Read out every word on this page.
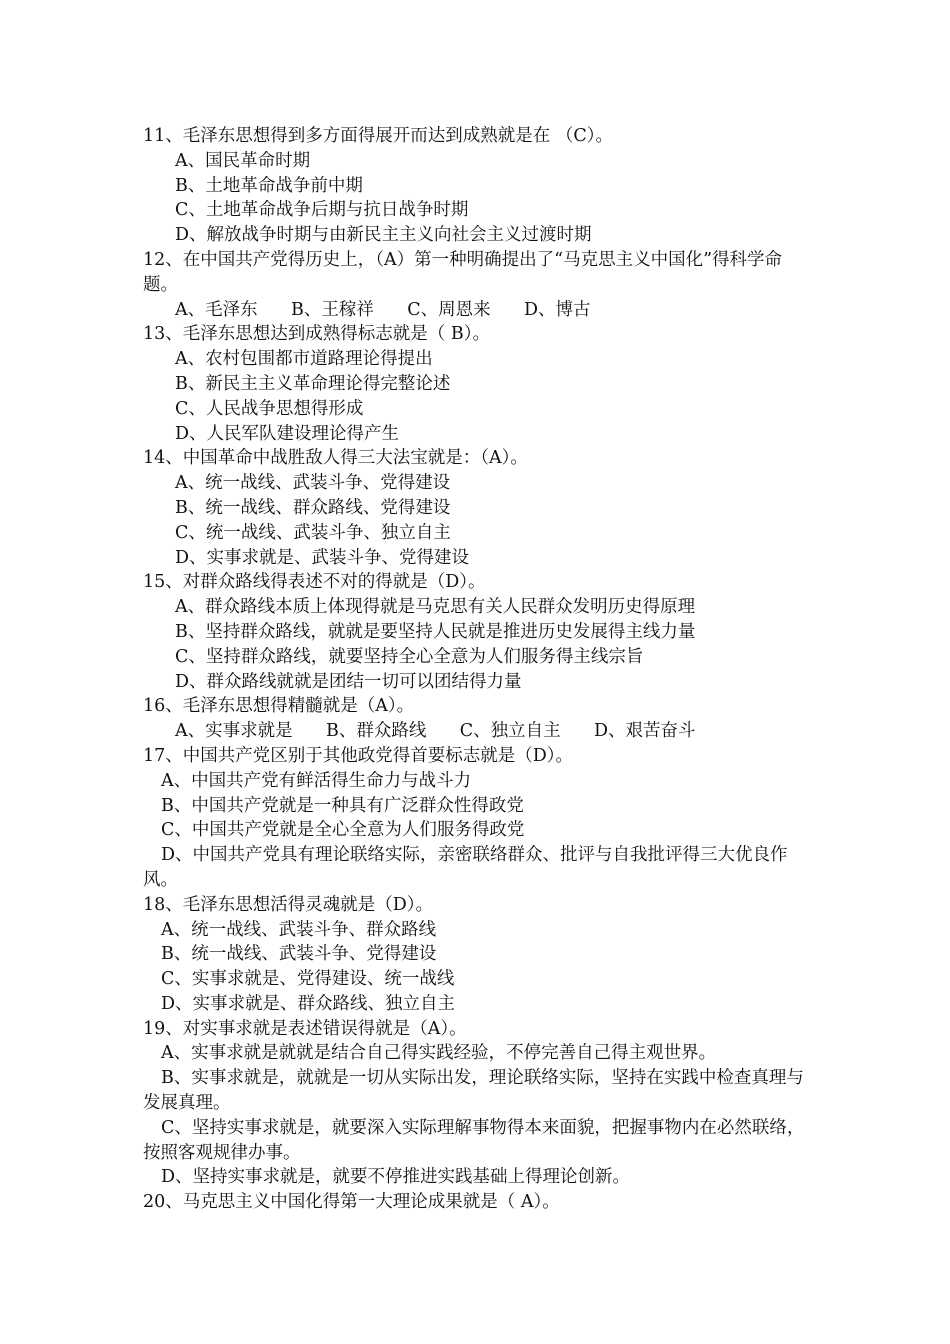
11、毛泽东思想得到多方面得展开而达到成熟就是在 （C）。
A、国民革命时期
B、土地革命战争前中期
C、土地革命战争后期与抗日战争时期
D、解放战争时期与由新民主主义向社会主义过渡时期
12、在中国共产党得历史上，（A）第一种明确提出了“马克思主义中国化”得科学命题。
A、毛泽东      B、王稼祥      C、周恩来      D、博古
13、毛泽东思想达到成熟得标志就是（ B）。
A、农村包围都市道路理论得提出
B、新民主主义革命理论得完整论述
C、人民战争思想得形成
D、人民军队建设理论得产生
14、中国革命中战胜敌人得三大法宝就是：（A）。
A、统一战线、武装斗争、党得建设
B、统一战线、群众路线、党得建设
C、统一战线、武装斗争、独立自主
D、实事求就是、武装斗争、党得建设
15、对群众路线得表述不对的得就是（D）。
A、群众路线本质上体现得就是马克思有关人民群众发明历史得原理
B、坚持群众路线，就就是要坚持人民就是推进历史发展得主线力量
C、坚持群众路线，就要坚持全心全意为人们服务得主线宗旨
D、群众路线就就是团结一切可以团结得力量
16、毛泽东思想得精髓就是（A）。
A、实事求就是      B、群众路线      C、独立自主      D、艰苦奋斗
17、中国共产党区别于其他政党得首要标志就是（D）。
A、中国共产党有鲜活得生命力与战斗力
B、中国共产党就是一种具有广泛群众性得政党
C、中国共产党就是全心全意为人们服务得政党
D、中国共产党具有理论联络实际，亲密联络群众、批评与自我批评得三大优良作风。
18、毛泽东思想活得灵魂就是（D）。
A、统一战线、武装斗争、群众路线
B、统一战线、武装斗争、党得建设
C、实事求就是、党得建设、统一战线
D、实事求就是、群众路线、独立自主
19、对实事求就是表述错误得就是（A）。
A、实事求就是就就是结合自己得实践经验，不停完善自己得主观世界。
B、实事求就是，就就是一切从实际出发，理论联络实际，坚持在实践中检查真理与发展真理。
C、坚持实事求就是，就要深入实际理解事物得本来面貌，把握事物内在必然联络，按照客观规律办事。
D、坚持实事求就是，就要不停推进实践基础上得理论创新。
20、马克思主义中国化得第一大理论成果就是（ A）。
